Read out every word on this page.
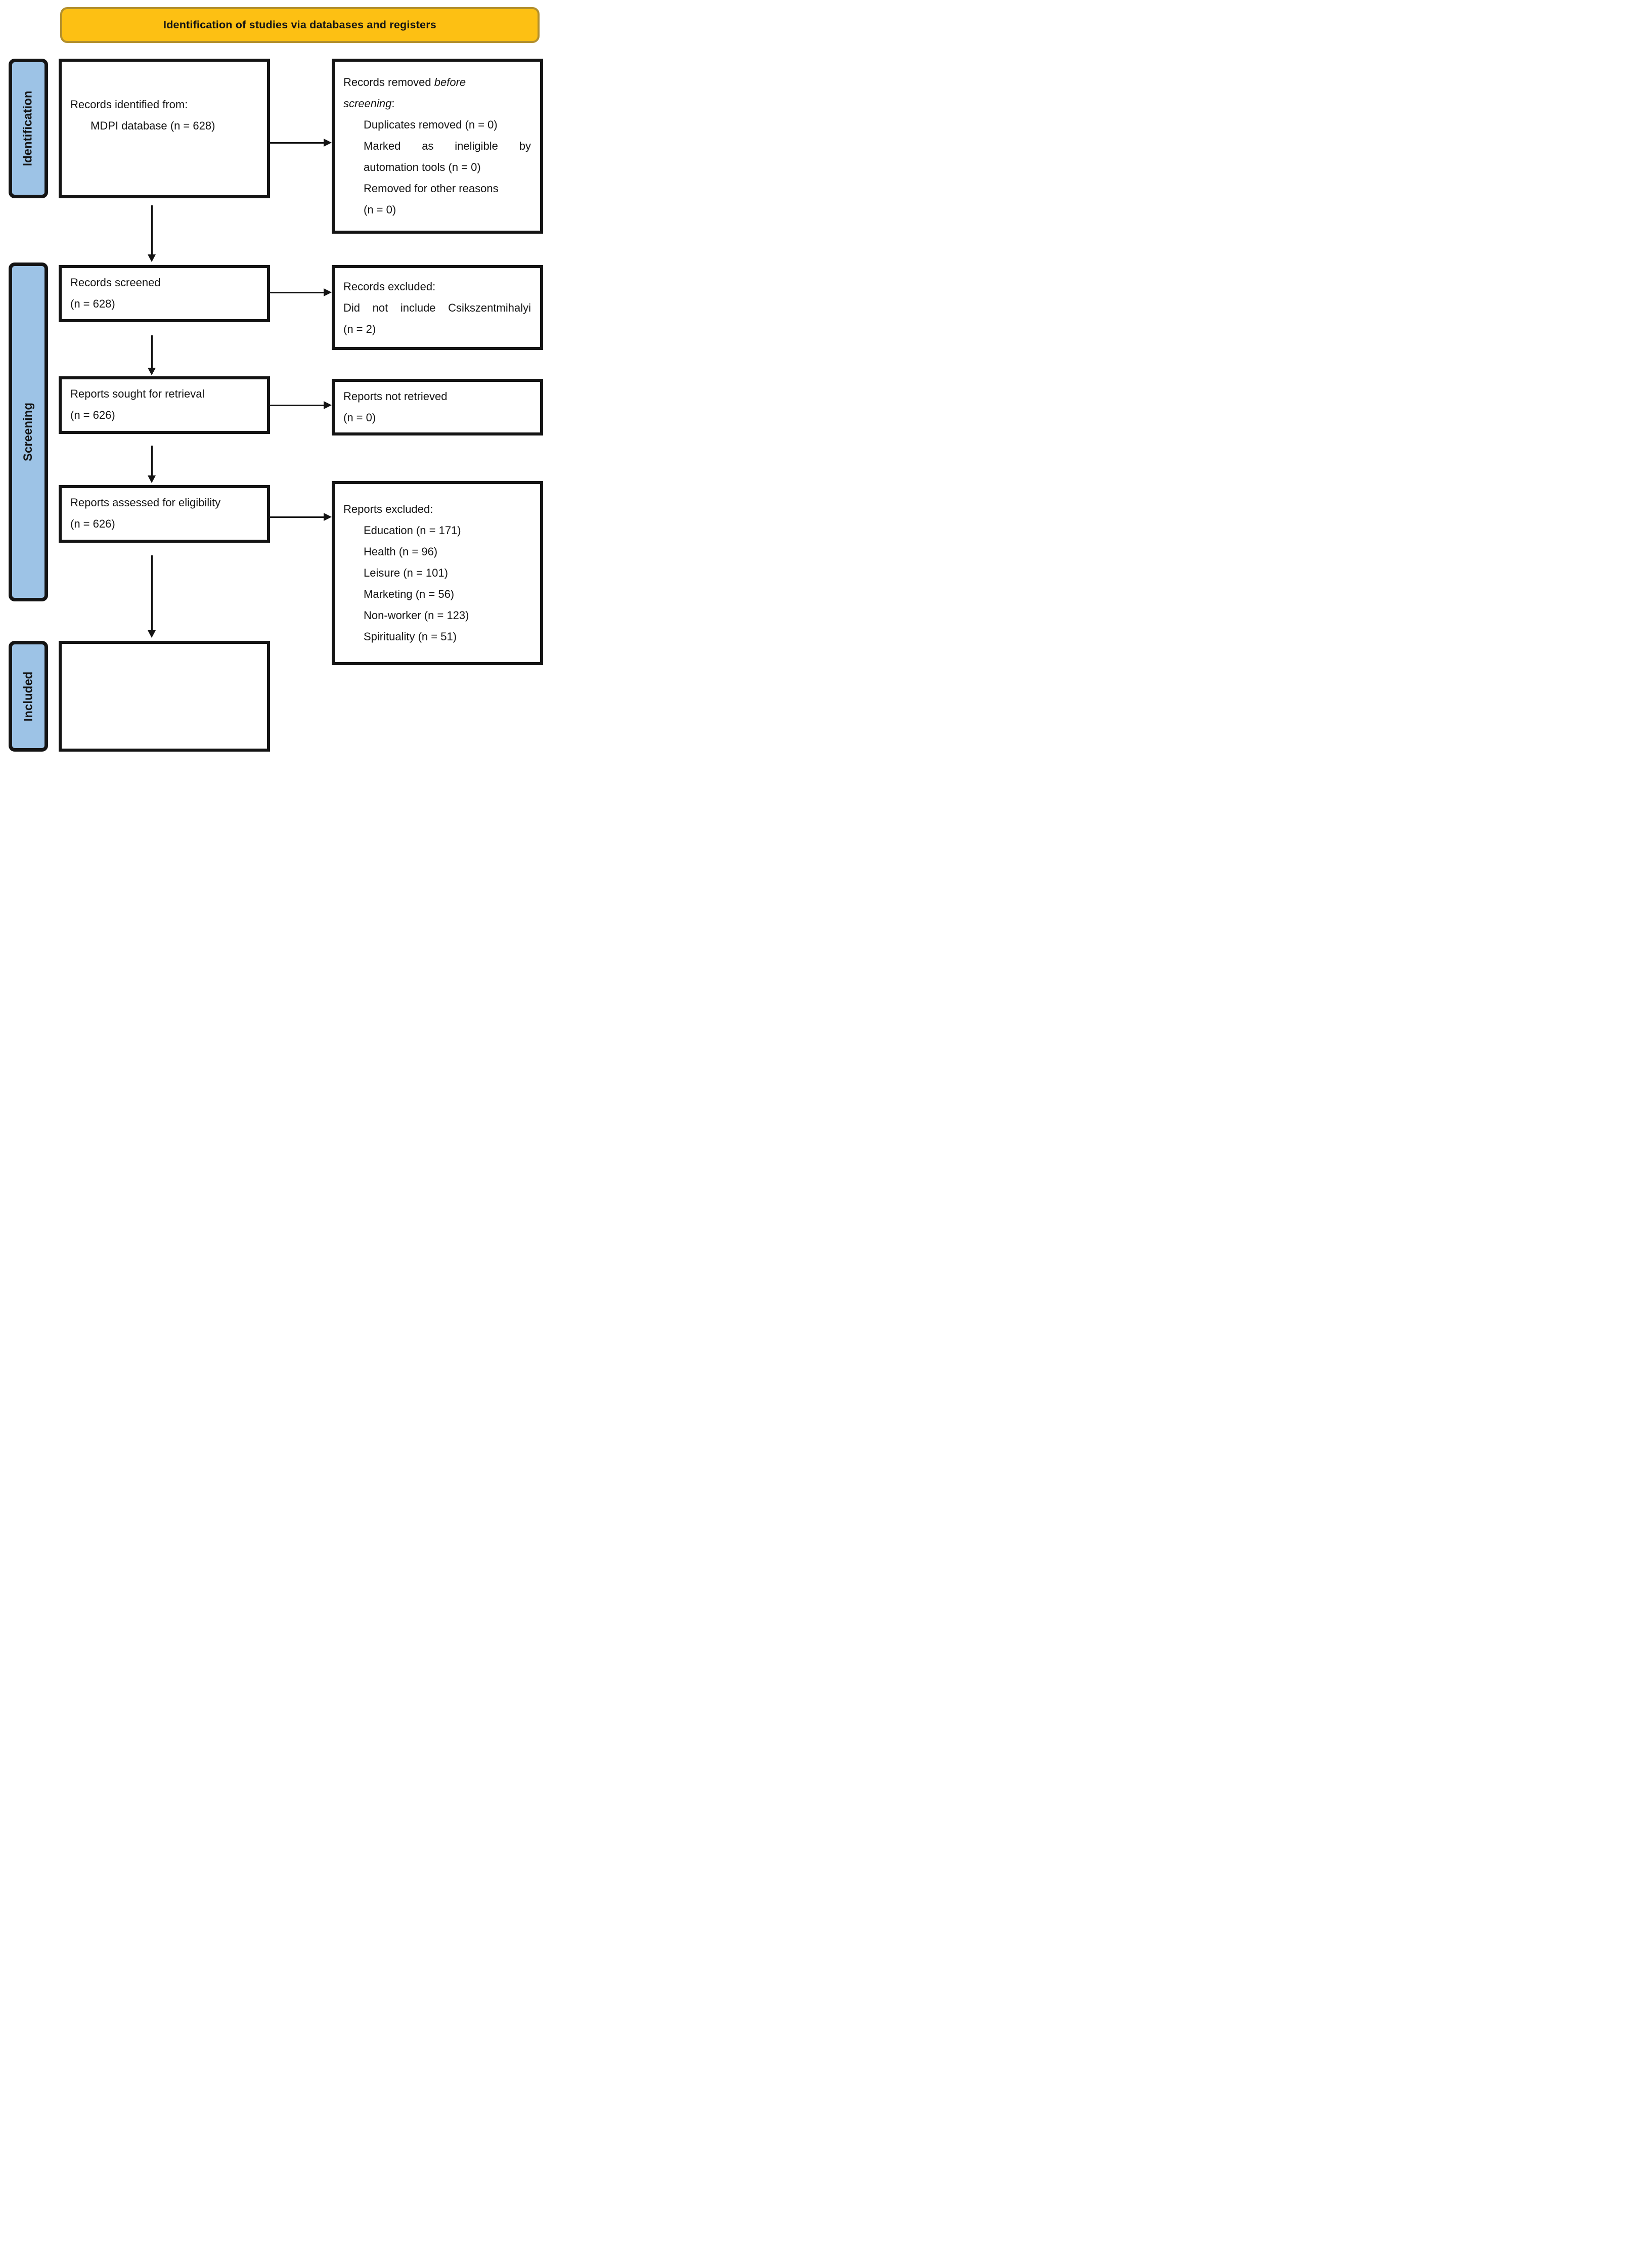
Identification of studies via databases and registers
Identification
Screening
Included
Records identified from:
MDPI database (n = 628)
Records removed before
screening:
Duplicates removed (n = 0)
Marked as ineligible by
automation tools (n = 0)
Removed for other reasons
(n = 0)
Records screened
(n = 628)
Records excluded:
Did not include Csikszentmihalyi
(n = 2)
Reports sought for retrieval
(n = 626)
Reports not retrieved
(n = 0)
Reports assessed for eligibility
(n = 626)
Reports excluded:
Education (n = 171)
Health (n = 96)
Leisure (n = 101)
Marketing (n = 56)
Non-worker (n = 123)
Spirituality (n = 51)
